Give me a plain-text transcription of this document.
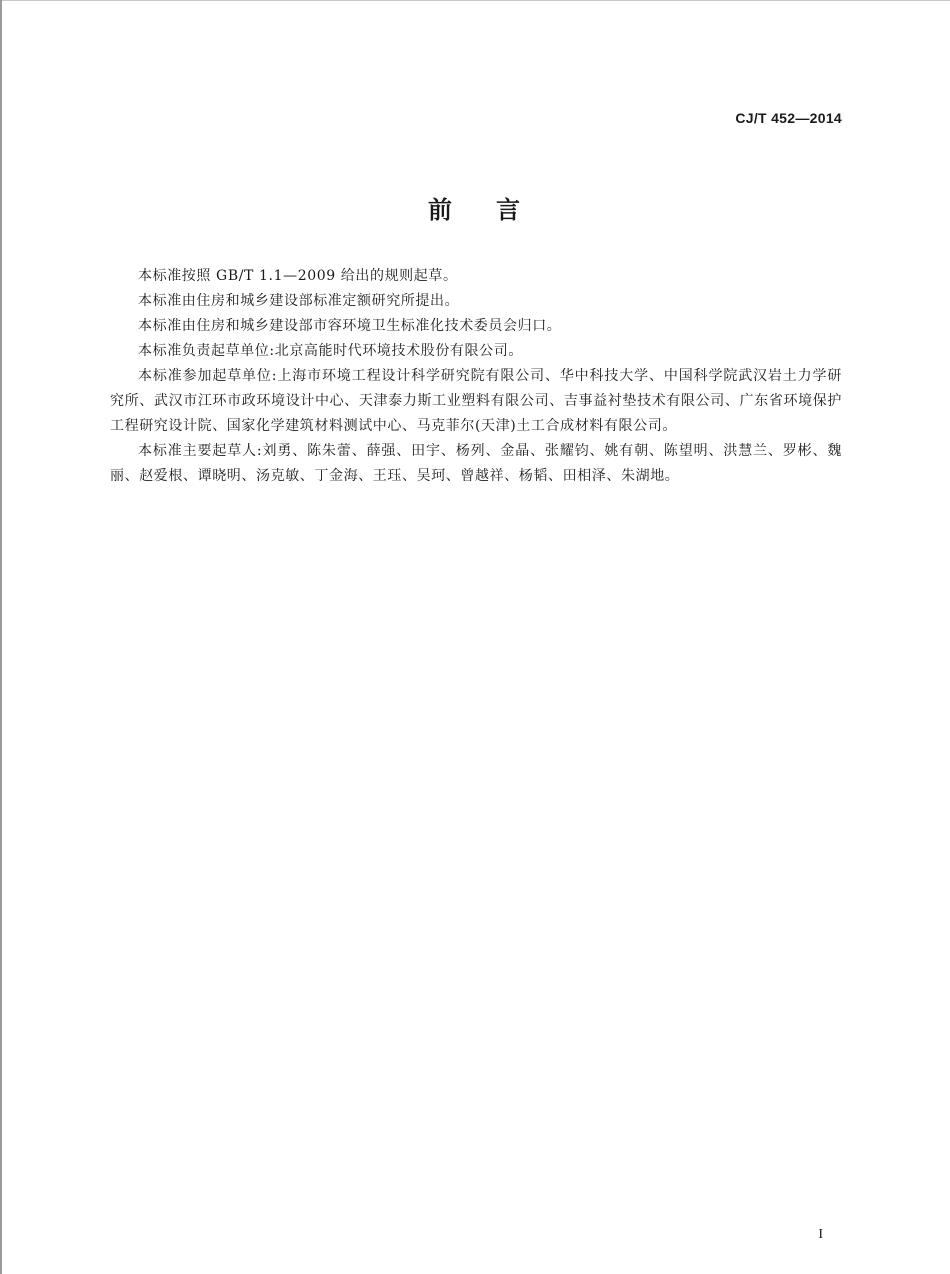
CJ/T 452—2014
前 言

本标准按照 GB/T 1.1—2009 给出的规则起草。

本标准由住房和城乡建设部标准定额研究所提出。

本标准由住房和城乡建设部市容环境卫生标准化技术委员会归口。

本标准负责起草单位:北京高能时代环境技术股份有限公司。

本标准参加起草单位:上海市环境工程设计科学研究院有限公司、华中科技大学、中国科学院武汉岩土力学研究所、武汉市江环市政环境设计中心、天津泰力斯工业塑料有限公司、吉事益衬垫技术有限公司、广东省环境保护工程研究设计院、国家化学建筑材料测试中心、马克菲尔(天津)土工合成材料有限公司。

本标准主要起草人:刘勇、陈朱蕾、薛强、田宇、杨列、金晶、张耀钧、姚有朝、陈望明、洪慧兰、罗彬、魏丽、赵爱根、谭晓明、汤克敏、丁金海、王珏、吴珂、曾越祥、杨韬、田相泽、朱湖地。

I
